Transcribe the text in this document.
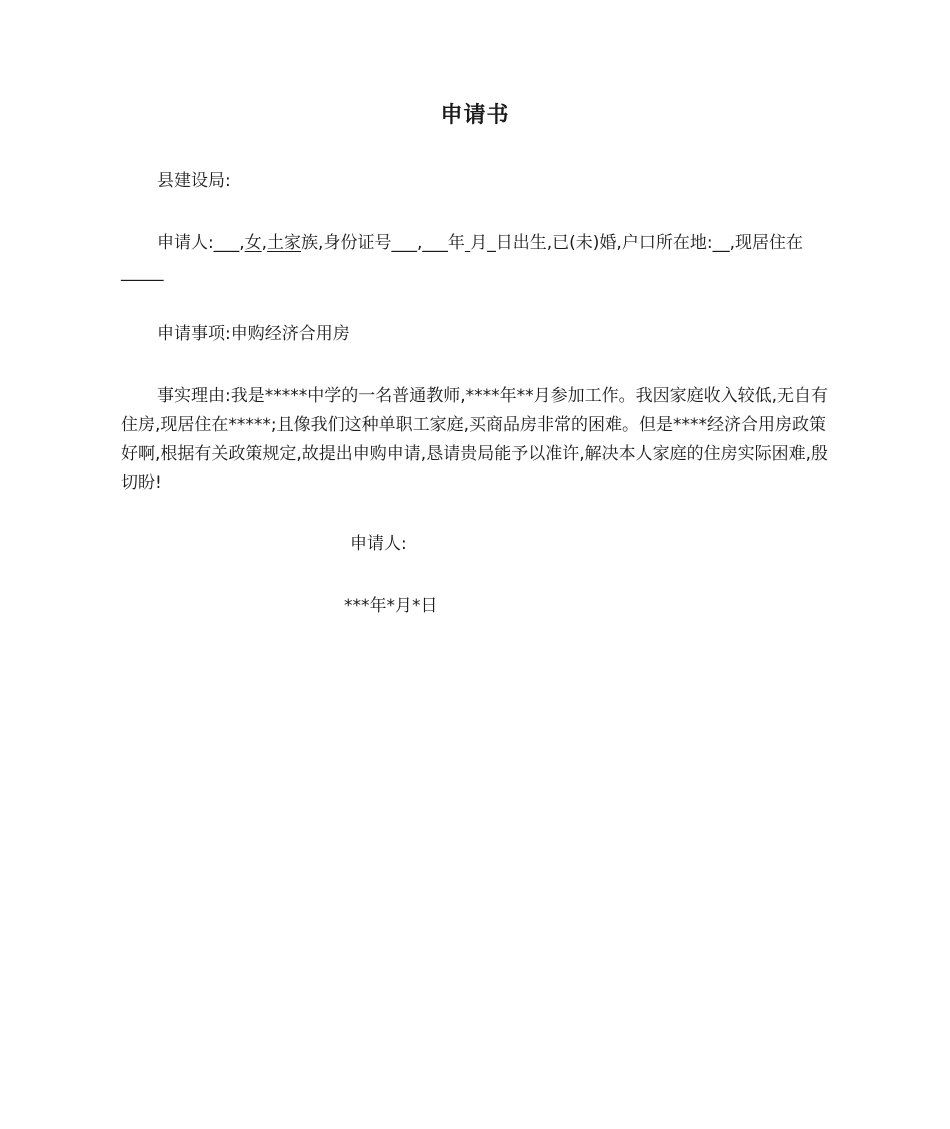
申请书
县建设局:
申请人:___,女,土家族,身份证号___,___年 月_日出生,已(未)婚,户口所在地:__,现居住在_____
申请事项:申购经济合用房
事实理由:我是*****中学的一名普通教师,****年**月参加工作。我因家庭收入较低,无自有住房,现居住在*****;且像我们这种单职工家庭,买商品房非常的困难。但是****经济合用房政策好啊,根据有关政策规定,故提出申购申请,恳请贵局能予以准许,解决本人家庭的住房实际困难,殷切盼!
申请人:
***年*月*日
